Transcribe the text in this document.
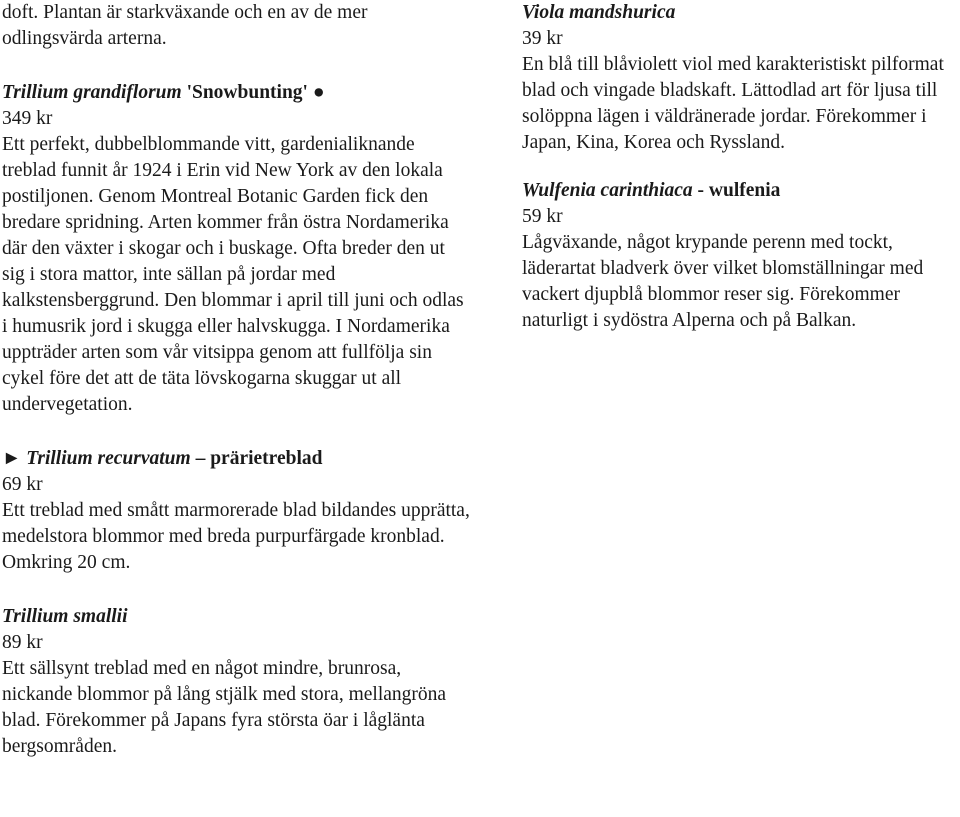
doft. Plantan är starkväxande och en av de mer odlingsvärda arterna.

Trillium grandiflorum 'Snowbunting' ●

349 kr

Ett perfekt, dubbelblommande vitt, gardenialiknande treblad funnit år 1924 i Erin vid New York av den lokala postiljonen. Genom Montreal Botanic Garden fick den bredare spridning. Arten kommer från östra Nordamerika där den växter i skogar och i buskage. Ofta breder den ut sig i stora mattor, inte sällan på jordar med kalkstensberggrund. Den blommar i april till juni och odlas i humusrik jord i skugga eller halvskugga. I Nordamerika uppträder arten som vår vitsippa genom att fullfölja sin cykel före det att de täta lövskogarna skuggar ut all undervegetation.

► Trillium recurvatum – prärietreblad

69 kr

Ett treblad med smått marmorerade blad bildandes upprätta, medelstora blommor med breda purpurfärgade kronblad. Omkring 20 cm.

Trillium smallii

89 kr

Ett sällsynt treblad med en något mindre, brunrosa, nickande blommor på lång stjälk med stora, mellangröna blad. Förekommer på Japans fyra största öar i låglänta bergsområden.

Viola mandshurica

39 kr

En blå till blåviolett viol med karakteristiskt pilformat blad och vingade bladskaft. Lättodlad art för ljusa till solöppna lägen i väldränerade jordar. Förekommer i Japan, Kina, Korea och Ryssland.

Wulfenia carinthiaca - wulfenia

59 kr

Lågväxande, något krypande perenn med tockt, läderartat bladverk över vilket blomställningar med vackert djupblå blommor reser sig. Förekommer naturligt i sydöstra Alperna och på Balkan.
